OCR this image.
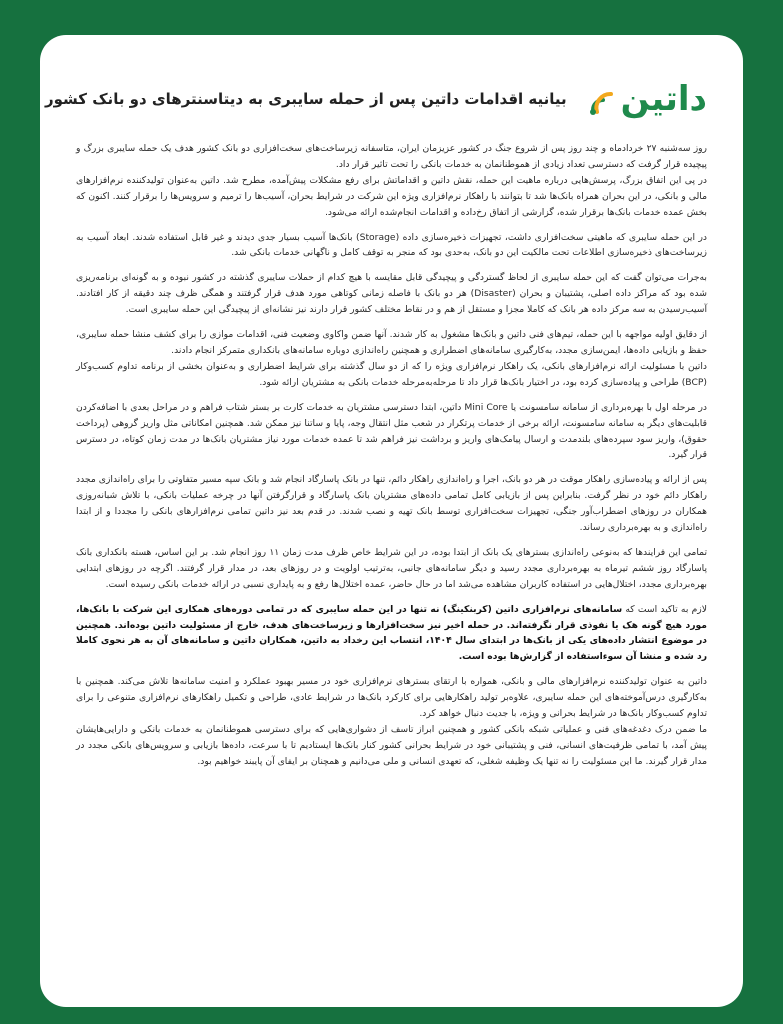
داتین
بیانیه اقدامات داتین پس از حمله سایبری به دیتاسنترهای دو بانک کشور

روز سه‌شنبه ۲۷ خردادماه و چند روز پس از شروع جنگ در کشور عزیزمان ایران، متاسفانه زیرساخت‌های سخت‌افزاری دو بانک کشور هدف یک حمله سایبری بزرگ و پیچیده قرار گرفت که دسترسی تعداد زیادی از هموطنانمان به خدمات بانکی را تحت تاثیر قرار داد.

در پی این اتفاق بزرگ، پرسش‌هایی درباره ماهیت این حمله، نقش داتین و اقداماتش برای رفع مشکلات پیش‌آمده، مطرح شد. داتین به‌عنوان تولیدکننده نرم‌افزارهای مالی و بانکی، در این بحران همراه بانک‌ها شد تا بتوانند با راهکار نرم‌افزاری ویژه این شرکت در شرایط بحران، آسیب‌ها را ترمیم و سرویس‌ها را برقرار کنند. اکنون که بخش عمده خدمات بانک‌ها برقرار شده، گزارشی از اتفاق رخ‌داده و اقدامات انجام‌شده ارائه می‌شود.

در این حمله سایبری که ماهیتی سخت‌افزاری داشت، تجهیزات ذخیره‌سازی داده (Storage) بانک‌ها آسیب بسیار جدی دیدند و غیر قابل استفاده شدند. ابعاد آسیب به زیرساخت‌های ذخیره‌سازی اطلاعات تحت مالکیت این دو بانک، به‌حدی بود که منجر به توقف کامل و ناگهانی خدمات بانکی شد.

به‌جرات می‌توان گفت که این حمله سایبری از لحاظ گستردگی و پیچیدگی قابل مقایسه با هیچ کدام از حملات سایبری گذشته در کشور نبوده و به گونه‌ای برنامه‌ریزی شده بود که مراکز داده اصلی، پشتیبان و بحران (Disaster) هر دو بانک با فاصله زمانی کوتاهی مورد هدف قرار گرفتند و همگی ظرف چند دقیقه از کار افتادند. آسیب‌رسیدن به سه مرکز داده هر بانک که کاملا مجزا و مستقل از هم و در نقاط مختلف کشور قرار دارند نیز نشانه‌ای از پیچیدگی این حمله سایبری است.

از دقایق اولیه مواجهه با این حمله، تیم‌های فنی داتین و بانک‌ها مشغول به کار شدند. آنها ضمن واکاوی وضعیت فنی، اقدامات موازی را برای کشف منشا حمله سایبری، حفظ و بازیابی داده‌ها، ایمن‌سازی مجدد، به‌کارگیری سامانه‌های اضطراری و همچنین راه‌اندازی دوباره سامانه‌های بانکداری متمرکز انجام دادند.

داتین با مسئولیت ارائه نرم‌افزارهای بانکی، یک راهکار نرم‌افزاری ویژه را که از دو سال گذشته برای شرایط اضطراری و به‌عنوان بخشی از برنامه تداوم کسب‌وکار (BCP) طراحی و پیاده‌سازی کرده بود، در اختیار بانک‌ها قرار داد تا مرحله‌به‌مرحله خدمات بانکی به مشتریان ارائه شود.

در مرحله اول با بهره‌برداری از سامانه سامسونت یا Mini Core داتین، ابتدا دسترسی مشتریان به خدمات کارت بر بستر شتاب فراهم و در مراحل بعدی با اضافه‌کردن قابلیت‌های دیگر به سامانه سامسونت، ارائه برخی از خدمات پرتکرار در شعب مثل انتقال وجه، پایا و ساتنا نیز ممکن شد. همچنین امکاناتی مثل واریز گروهی (پرداخت حقوق)، واریز سود سپرده‌های بلندمدت و ارسال پیامک‌های واریز و برداشت نیز فراهم شد تا عمده خدمات مورد نیاز مشتریان بانک‌ها در مدت زمان کوتاه، در دسترس قرار گیرد.

پس از ارائه و پیاده‌سازی راهکار موقت در هر دو بانک، اجرا و راه‌اندازی راهکار دائم، تنها در بانک پاسارگاد انجام شد و بانک سپه مسیر متفاوتی را برای راه‌اندازی مجدد راهکار دائم خود در نظر گرفت. بنابراین پس از بازیابی کامل تمامی داده‌های مشتریان بانک پاسارگاد و قرارگرفتن آنها در چرخه عملیات بانکی، با تلاش شبانه‌روزی همکاران در روزهای اضطراب‌آور جنگی، تجهیزات سخت‌افزاری توسط بانک تهیه و نصب شدند. در قدم بعد نیز داتین تمامی نرم‌افزارهای بانکی را مجددا و از ابتدا راه‌اندازی و به بهره‌برداری رساند.

تمامی این فرایندها که به‌نوعی راه‌اندازی بسترهای یک بانک از ابتدا بوده، در این شرایط خاص ظرف مدت زمان ۱۱ روز انجام شد. بر این اساس، هسته بانکداری بانک پاسارگاد روز ششم تیرماه به بهره‌برداری مجدد رسید و دیگر سامانه‌های جانبی، به‌ترتیب اولویت و در روزهای بعد، در مدار قرار گرفتند. اگرچه در روزهای ابتدایی بهره‌برداری مجدد، اختلال‌هایی در استفاده کاربران مشاهده می‌شد اما در حال حاضر، عمده اختلال‌ها رفع و به پایداری نسبی در ارائه خدمات بانکی رسیده است.

لازم به تاکید است که سامانه‌های نرم‌افزاری داتین (کربنکینگ) نه تنها در این حمله سایبری که در تمامی دوره‌های همکاری این شرکت با بانک‌ها، مورد هیچ گونه هک یا نفوذی قرار نگرفته‌اند. در حمله اخیر نیز سخت‌افزارها و زیرساخت‌های هدف، خارج از مسئولیت داتین بوده‌اند. همچنین در موضوع انتشار داده‌های یکی از بانک‌ها در ابتدای سال ۱۴۰۴، انتساب این رخداد به داتین، همکاران داتین و سامانه‌های آن به هر نحوی کاملا رد شده و منشا آن سوءاستفاده از گزارش‌ها بوده است.

داتین به عنوان تولیدکننده نرم‌افزارهای مالی و بانکی، همواره با ارتقای بسترهای نرم‌افزاری خود در مسیر بهبود عملکرد و امنیت سامانه‌ها تلاش می‌کند. همچنین با به‌کارگیری درس‌آموخته‌های این حمله سایبری، علاوه‌بر تولید راهکارهایی برای کارکرد بانک‌ها در شرایط عادی، طراحی و تکمیل راهکارهای نرم‌افزاری متنوعی را برای تداوم کسب‌وکار بانک‌ها در شرایط بحرانی و ویژه، با جدیت دنبال خواهد کرد.

ما ضمن درک دغدغه‌های فنی و عملیاتی شبکه بانکی کشور و همچنین ابراز تاسف از دشواری‌هایی که برای دسترسی هموطنانمان به خدمات بانکی و دارایی‌هایشان پیش آمد، با تمامی ظرفیت‌های انسانی، فنی و پشتیبانی خود در شرایط بحرانی کشور کنار بانک‌ها ایستادیم تا با سرعت، داده‌ها بازیابی و سرویس‌های بانکی مجدد در مدار قرار گیرند. ما این مسئولیت را نه تنها یک وظیفه شغلی، که تعهدی انسانی و ملی می‌دانیم و همچنان بر ایفای آن پایبند خواهیم بود.
